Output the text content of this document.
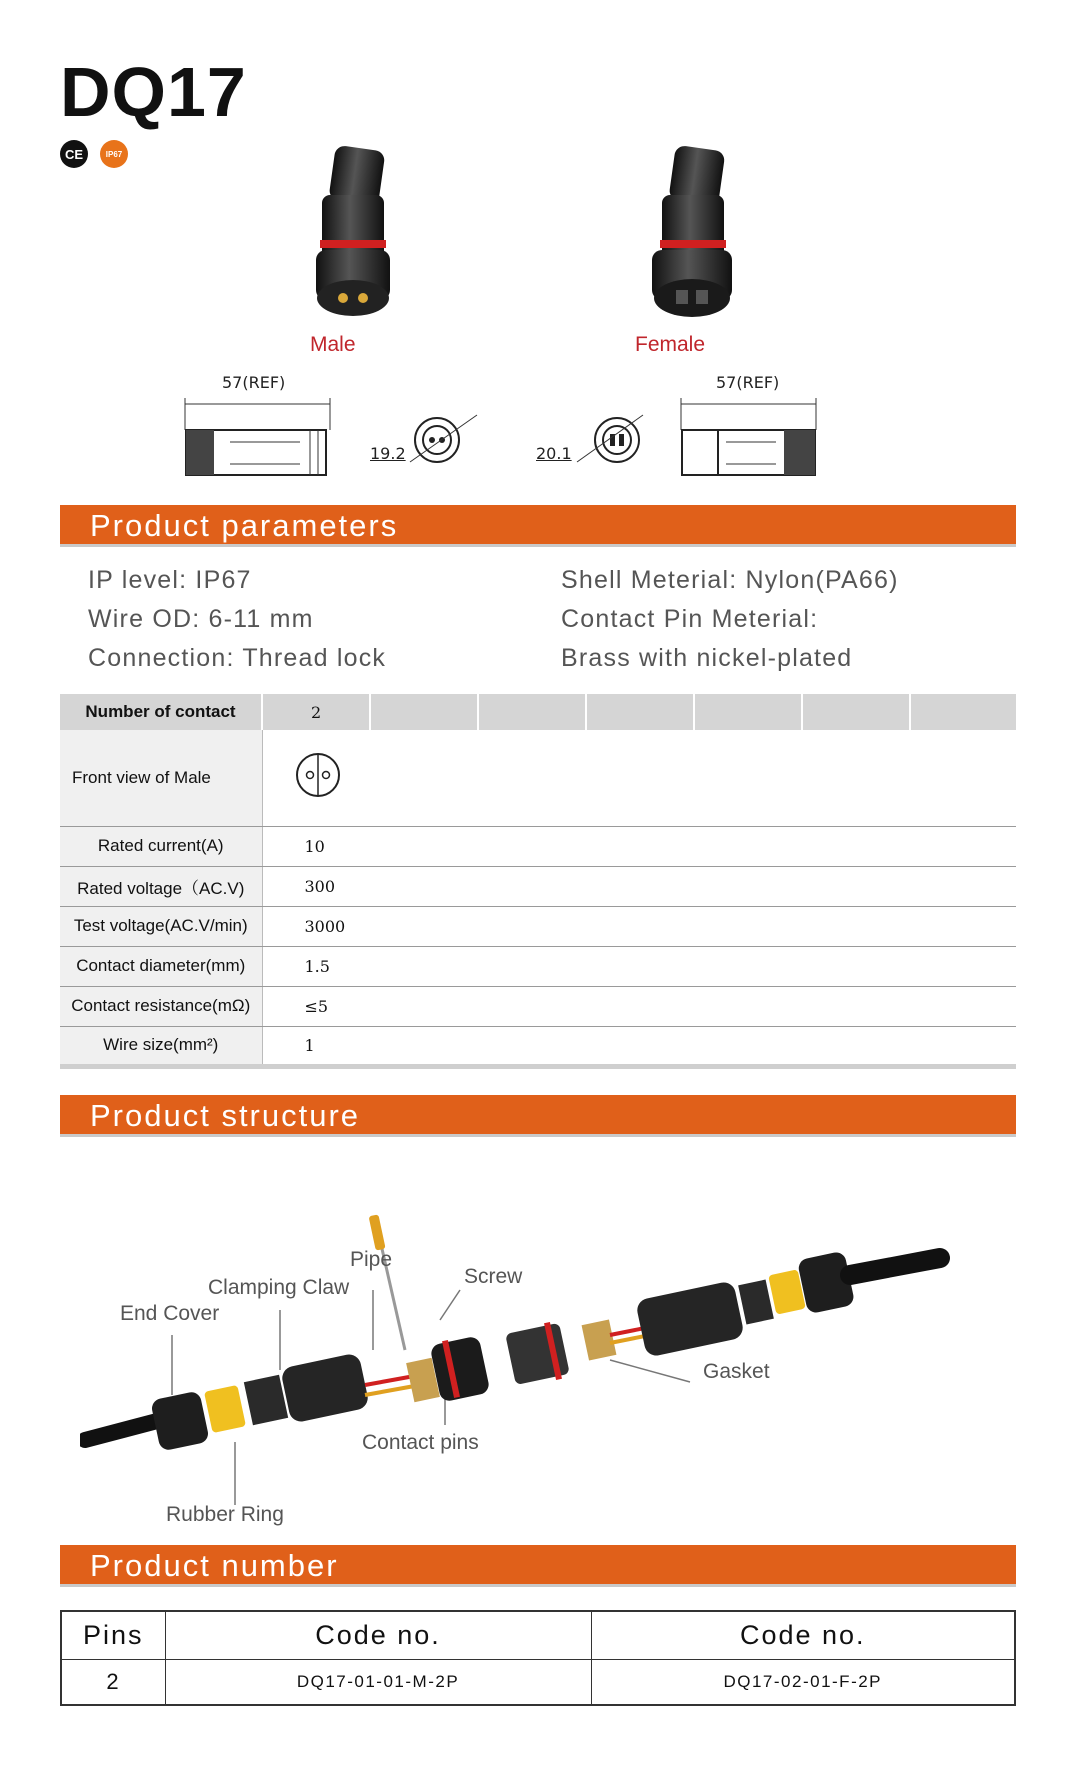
DQ17
CE	IP67
Male	Female
57(REF)
19.2	20.1
57(REF)
Product parameters
IP level: IP67
Wire OD: 6-11 mm
Connection: Thread lock
Shell Meterial: Nylon(PA66)
Contact Pin Meterial:
Brass with nickel-plated
Number of contact	2						
Front view of Male	
Rated current(A)	10						
Rated voltage（AC.V)	300						
Test voltage(AC.V/min)	3000						
Contact diameter(mm)	1.5						
Contact resistance(mΩ)	≤5						
Wire size(mm²)	1						
Product structure
Pipe
Clamping Claw	Screw
End Cover
Gasket
Contact pins
Rubber Ring
Product number
Pins	Code no.	Code no.
2	DQ17-01-01-M-2P	DQ17-02-01-F-2P
